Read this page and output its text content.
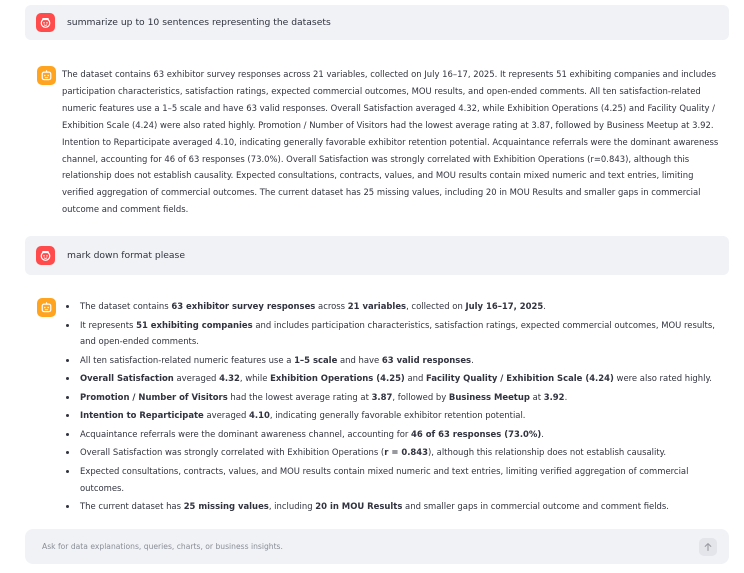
summarize up to 10 sentences representing the datasets
The dataset contains 63 exhibitor survey responses across 21 variables, collected on July 16–17, 2025. It represents 51 exhibiting companies and includes participation characteristics, satisfaction ratings, expected commercial outcomes, MOU results, and open-ended comments. All ten satisfaction-related numeric features use a 1–5 scale and have 63 valid responses. Overall Satisfaction averaged 4.32, while Exhibition Operations (4.25) and Facility Quality / Exhibition Scale (4.24) were also rated highly. Promotion / Number of Visitors had the lowest average rating at 3.87, followed by Business Meetup at 3.92. Intention to Reparticipate averaged 4.10, indicating generally favorable exhibitor retention potential. Acquaintance referrals were the dominant awareness channel, accounting for 46 of 63 responses (73.0%). Overall Satisfaction was strongly correlated with Exhibition Operations (r=0.843), although this relationship does not establish causality. Expected consultations, contracts, values, and MOU results contain mixed numeric and text entries, limiting verified aggregation of commercial outcomes. The current dataset has 25 missing values, including 20 in MOU Results and smaller gaps in commercial outcome and comment fields.
mark down format please
The dataset contains 63 exhibitor survey responses across 21 variables, collected on July 16–17, 2025.
It represents 51 exhibiting companies and includes participation characteristics, satisfaction ratings, expected commercial outcomes, MOU results, and open-ended comments.
All ten satisfaction-related numeric features use a 1–5 scale and have 63 valid responses.
Overall Satisfaction averaged 4.32, while Exhibition Operations (4.25) and Facility Quality / Exhibition Scale (4.24) were also rated highly.
Promotion / Number of Visitors had the lowest average rating at 3.87, followed by Business Meetup at 3.92.
Intention to Reparticipate averaged 4.10, indicating generally favorable exhibitor retention potential.
Acquaintance referrals were the dominant awareness channel, accounting for 46 of 63 responses (73.0%).
Overall Satisfaction was strongly correlated with Exhibition Operations (r = 0.843), although this relationship does not establish causality.
Expected consultations, contracts, values, and MOU results contain mixed numeric and text entries, limiting verified aggregation of commercial outcomes.
The current dataset has 25 missing values, including 20 in MOU Results and smaller gaps in commercial outcome and comment fields.
Ask for data explanations, queries, charts, or business insights.
